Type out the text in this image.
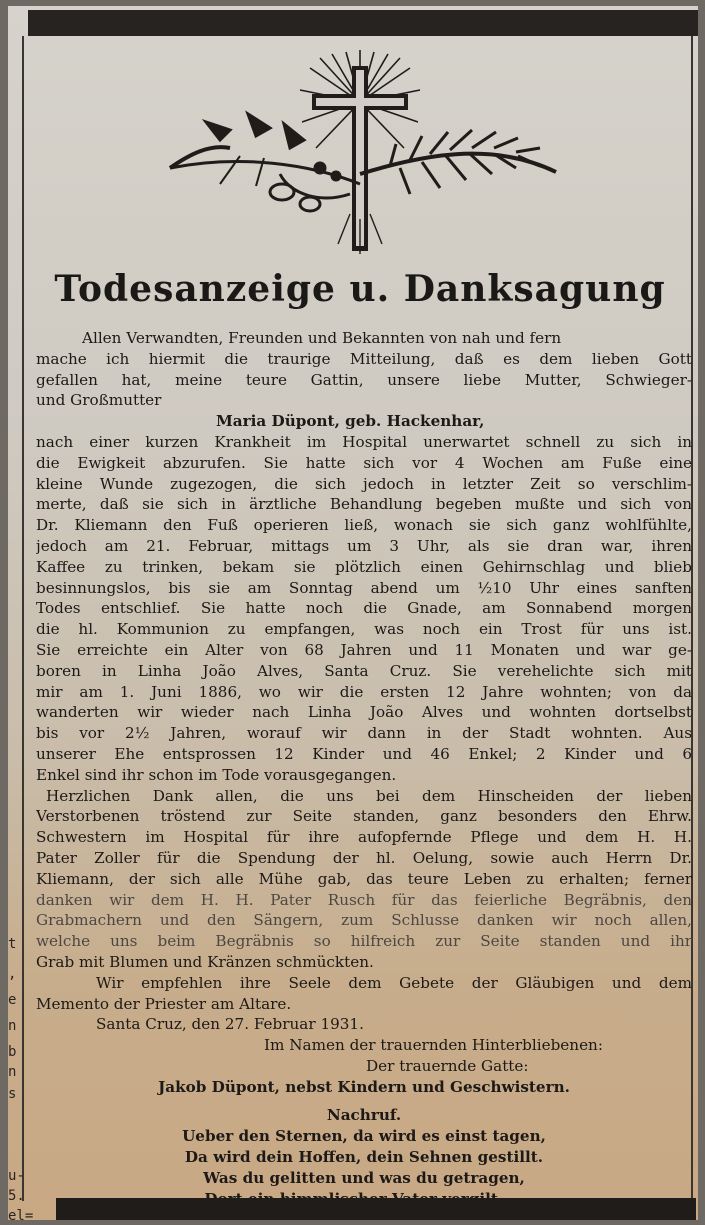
t
,
e
n
b
n
s
u-
5.
el=
Todesanzeige u. Danksagung
Allen Verwandten, Freunden und Bekannten von nah und fern
mache ich hiermit die traurige Mitteilung, daß es dem lieben Gott
gefallen hat, meine teure Gattin, unsere liebe Mutter, Schwieger-
und Großmutter
Maria Düpont, geb. Hackenhar,
nach einer kurzen Krankheit im Hospital unerwartet schnell zu sich in
die Ewigkeit abzurufen. Sie hatte sich vor 4 Wochen am Fuße eine
kleine Wunde zugezogen, die sich jedoch in letzter Zeit so verschlim-
merte, daß sie sich in ärztliche Behandlung begeben mußte und sich von
Dr. Kliemann den Fuß operieren ließ, wonach sie sich ganz wohlfühlte,
jedoch am 21. Februar, mittags um 3 Uhr, als sie dran war, ihren
Kaffee zu trinken, bekam sie plötzlich einen Gehirnschlag und blieb
besinnungslos, bis sie am Sonntag abend um ½10 Uhr eines sanften
Todes entschlief. Sie hatte noch die Gnade, am Sonnabend morgen
die hl. Kommunion zu empfangen, was noch ein Trost für uns ist.
Sie erreichte ein Alter von 68 Jahren und 11 Monaten und war ge-
boren in Linha João Alves, Santa Cruz. Sie verehelichte sich mit
mir am 1. Juni 1886, wo wir die ersten 12 Jahre wohnten; von da
wanderten wir wieder nach Linha João Alves und wohnten dortselbst
bis vor 2½ Jahren, worauf wir dann in der Stadt wohnten. Aus
unserer Ehe entsprossen 12 Kinder und 46 Enkel; 2 Kinder und 6
Enkel sind ihr schon im Tode vorausgegangen.
Herzlichen Dank allen, die uns bei dem Hinscheiden der lieben
Verstorbenen tröstend zur Seite standen, ganz besonders den Ehrw.
Schwestern im Hospital für ihre aufopfernde Pflege und dem H. H.
Pater Zoller für die Spendung der hl. Oelung, sowie auch Herrn Dr.
Kliemann, der sich alle Mühe gab, das teure Leben zu erhalten; ferner
danken wir dem H. H. Pater Rusch für das feierliche Begräbnis, den
Grabmachern und den Sängern, zum Schlusse danken wir noch allen,
welche uns beim Begräbnis so hilfreich zur Seite standen und ihr
Grab mit Blumen und Kränzen schmückten.
Wir empfehlen ihre Seele dem Gebete der Gläubigen und dem
Memento der Priester am Altare.
Santa Cruz, den 27. Februar 1931.
Im Namen der trauernden Hinterbliebenen:
Der trauernde Gatte:
Jakob Düpont, nebst Kindern und Geschwistern.
Nachruf.
Ueber den Sternen, da wird es einst tagen,
Da wird dein Hoffen, dein Sehnen gestillt.
Was du gelitten und was du getragen,
